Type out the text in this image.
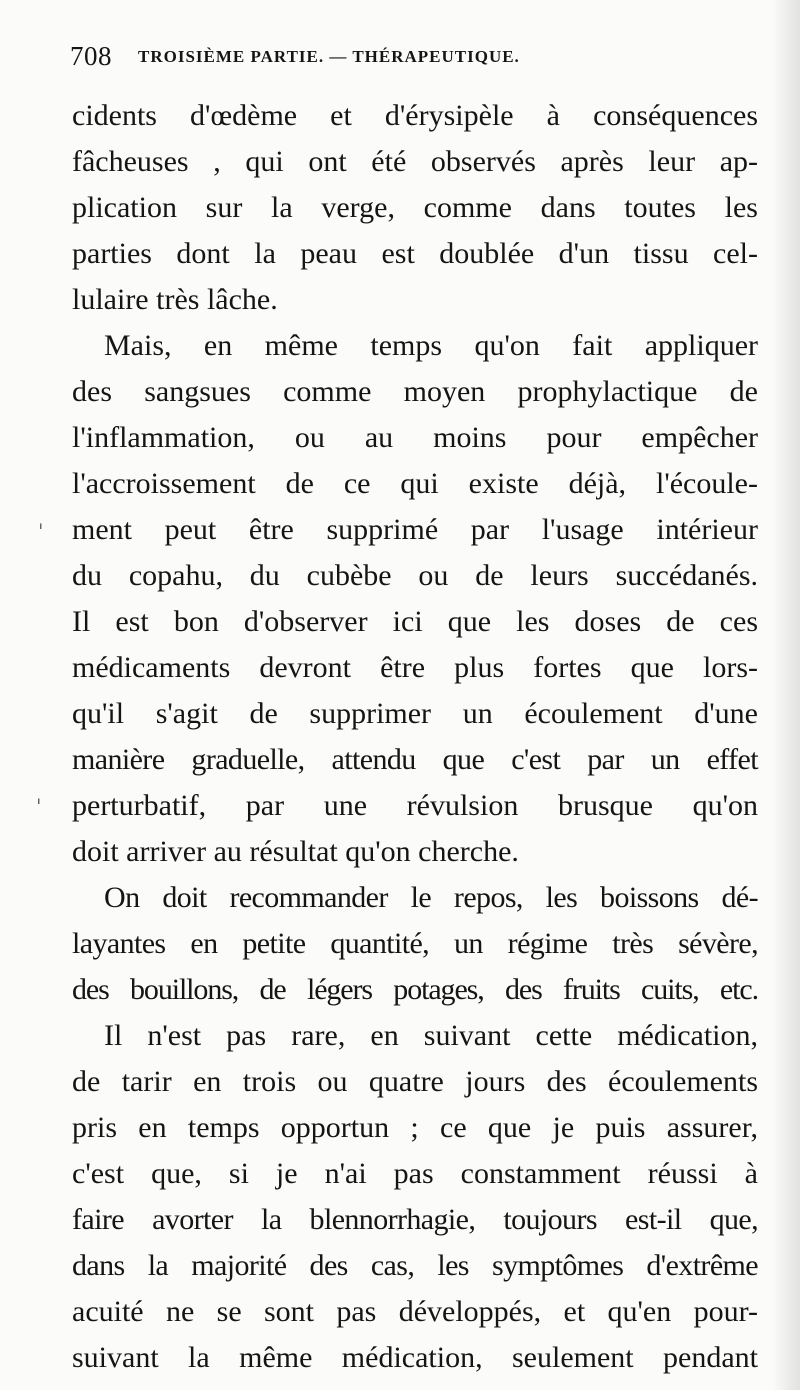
708 TROISIÈME PARTIE. — THÉRAPEUTIQUE.
cidents d'œdème et d'érysipèle à conséquences
fâcheuses , qui ont été observés après leur ap-
plication sur la verge, comme dans toutes les
parties dont la peau est doublée d'un tissu cel-
lulaire très lâche.
Mais, en même temps qu'on fait appliquer
des sangsues comme moyen prophylactique de
l'inflammation, ou au moins pour empêcher
l'accroissement de ce qui existe déjà, l'écoule-
ment peut être supprimé par l'usage intérieur
du copahu, du cubèbe ou de leurs succédanés.
Il est bon d'observer ici que les doses de ces
médicaments devront être plus fortes que lors-
qu'il s'agit de supprimer un écoulement d'une
manière graduelle, attendu que c'est par un effet
perturbatif, par une révulsion brusque qu'on
doit arriver au résultat qu'on cherche.
On doit recommander le repos, les boissons dé-
layantes en petite quantité, un régime très sévère,
des bouillons, de légers potages, des fruits cuits, etc.
Il n'est pas rare, en suivant cette médication,
de tarir en trois ou quatre jours des écoulements
pris en temps opportun ; ce que je puis assurer,
c'est que, si je n'ai pas constamment réussi à
faire avorter la blennorrhagie, toujours est-il que,
dans la majorité des cas, les symptômes d'extrême
acuité ne se sont pas développés, et qu'en pour-
suivant la même médication, seulement pendant
ˈ
ˌ
